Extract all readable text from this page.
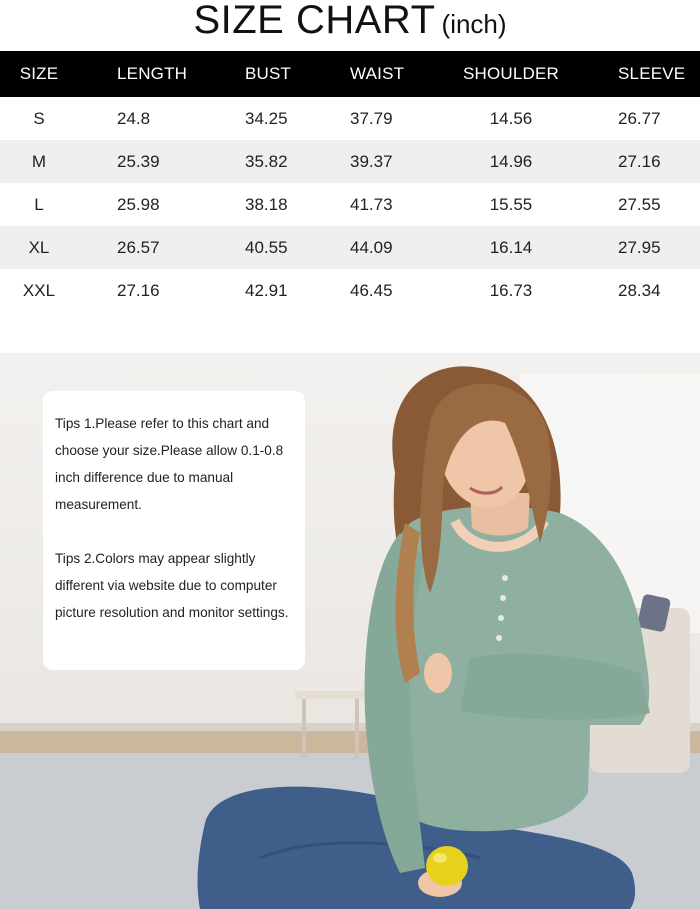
SIZE CHART (inch)
SIZE	LENGTH	BUST	WAIST	SHOULDER	SLEEVE
S	24.8	34.25	37.79	14.56	26.77
M	25.39	35.82	39.37	14.96	27.16
L	25.98	38.18	41.73	15.55	27.55
XL	26.57	40.55	44.09	16.14	27.95
XXL	27.16	42.91	46.45	16.73	28.34

Tips 1.Please refer to this chart and choose your size.Please allow 0.1-0.8 inch difference due to manual measurement.

Tips 2.Colors may appear slightly different via website due to computer picture resolution and monitor settings.
